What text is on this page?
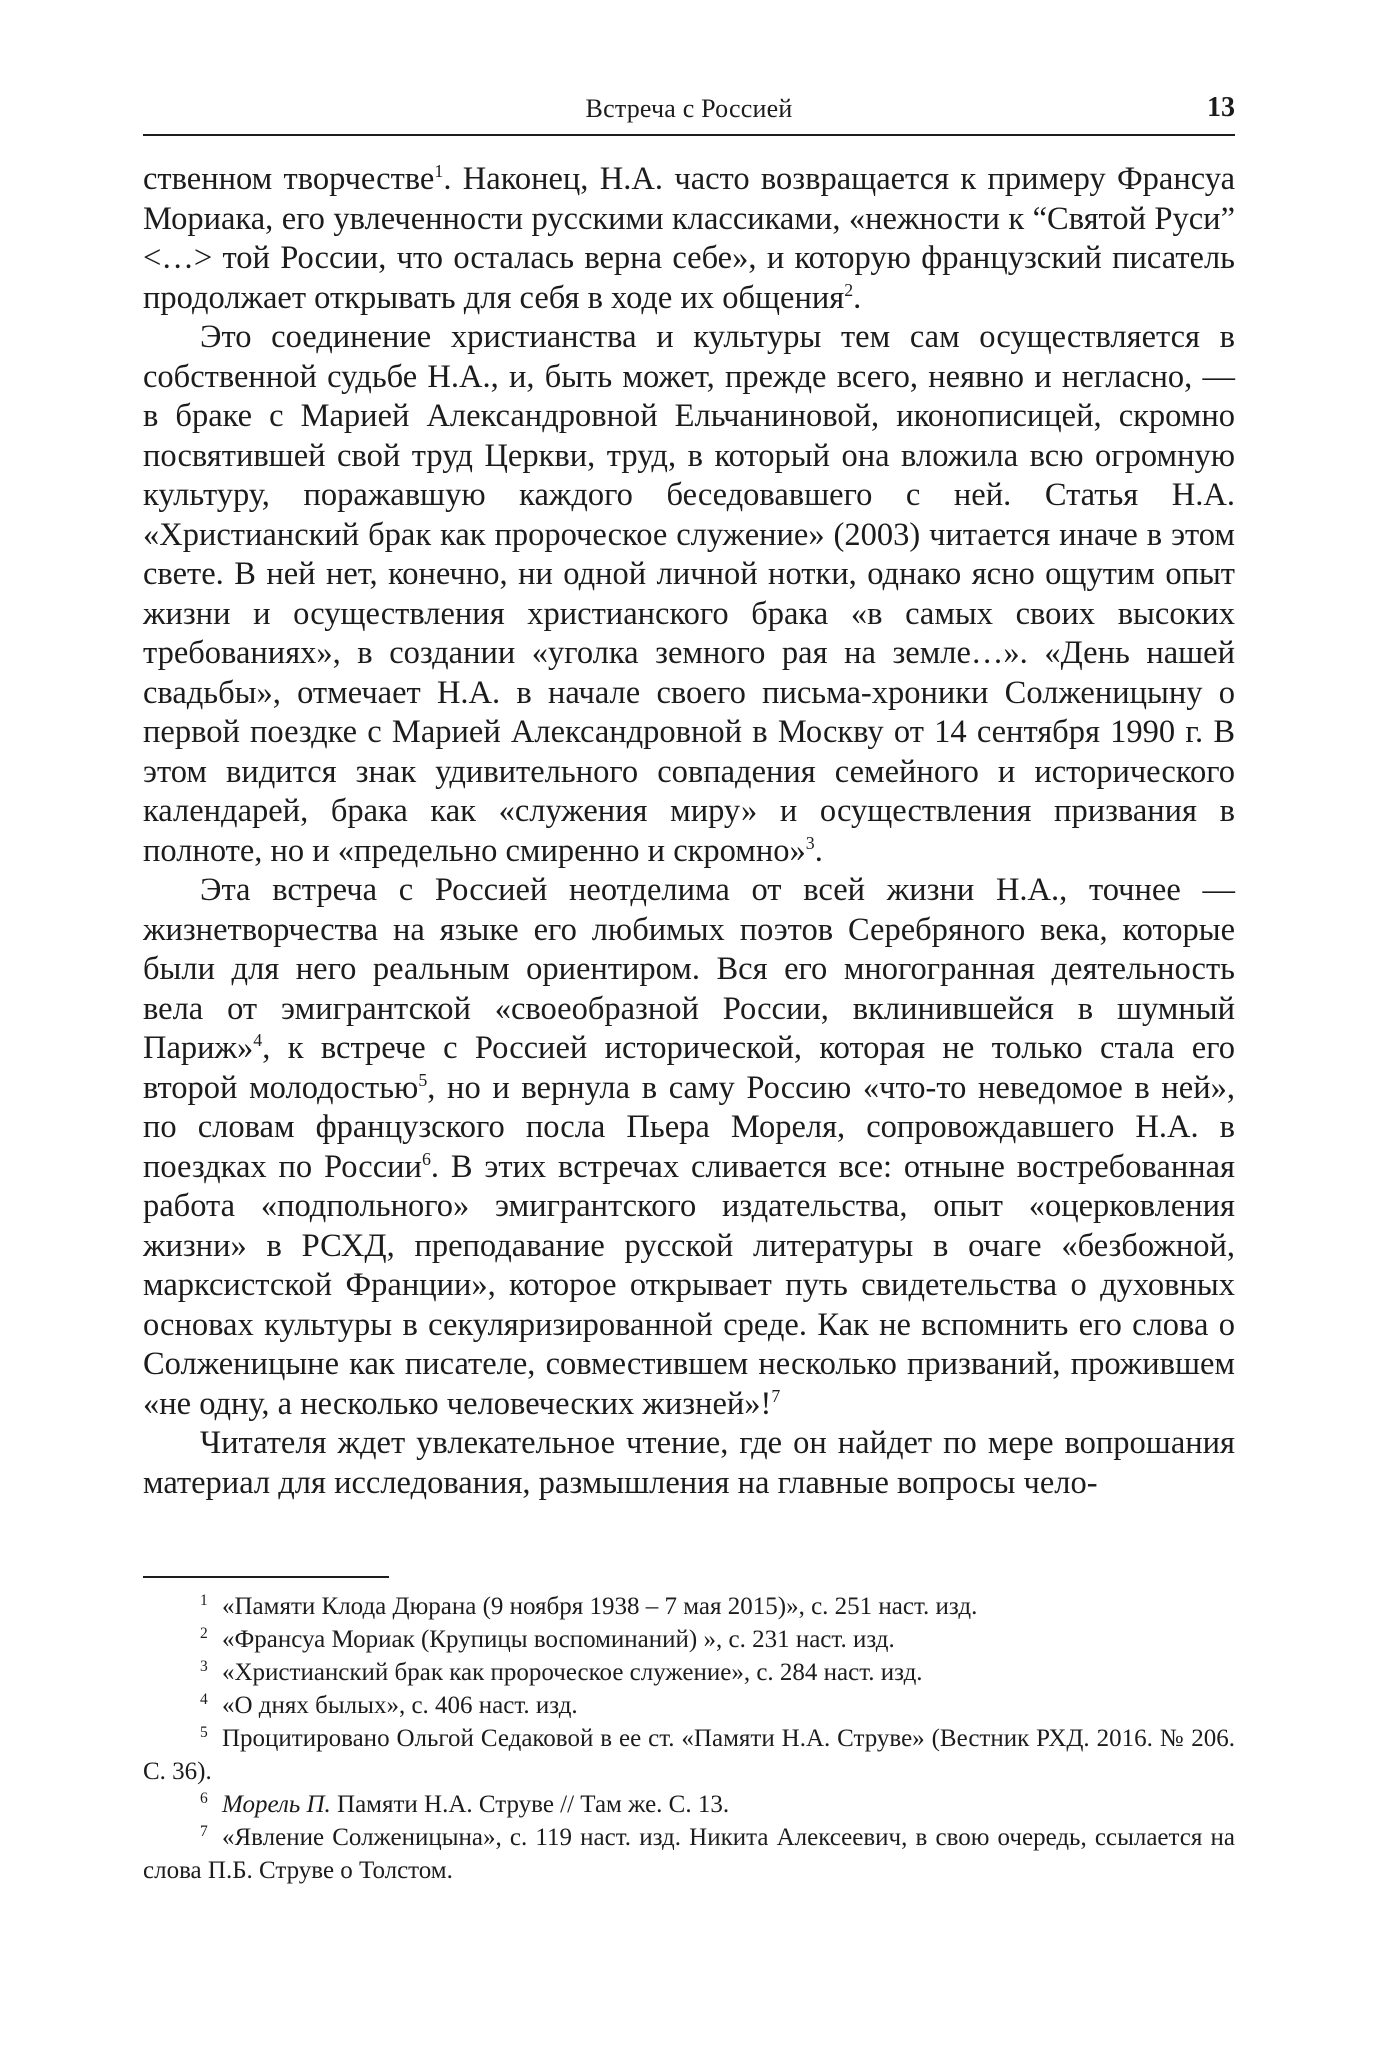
Встреча с Россией	13

ственном творчестве$^1$. Наконец, Н.А. часто возвращается к примеру Франсуа Мориака, его увлеченности русскими классиками, «нежности к “Святой Руси” <…> той России, что осталась верна себе», и которую французский писатель продолжает открывать для себя в ходе их общения$^2$.

Это соединение христианства и культуры тем сам осуществляется в собственной судьбе Н.А., и, быть может, прежде всего, неявно и негласно, — в браке с Марией Александровной Ельчаниновой, иконописицей, скромно посвятившей свой труд Церкви, труд, в который она вложила всю огромную культуру, поражавшую каждого беседовавшего с ней. Статья Н.А. «Христианский брак как пророческое служение» (2003) читается иначе в этом свете. В ней нет, конечно, ни одной личной нотки, однако ясно ощутим опыт жизни и осуществления христианского брака «в самых своих высоких требованиях», в создании «уголка земного рая на земле…». «День нашей свадьбы», отмечает Н.А. в начале своего письма-хроники Солженицыну о первой поездке с Марией Александровной в Москву от 14 сентября 1990 г. В этом видится знак удивительного совпадения семейного и исторического календарей, брака как «служения миру» и осуществления призвания в полноте, но и «предельно смиренно и скромно»$^3$.

Эта встреча с Россией неотделима от всей жизни Н.А., точнее — жизнетворчества на языке его любимых поэтов Серебряного века, которые были для него реальным ориентиром. Вся его многогранная деятельность вела от эмигрантской «своеобразной России, вклинившейся в шумный Париж»$^4$, к встрече с Россией исторической, которая не только стала его второй молодостью$^5$, но и вернула в саму Россию «что-то неведомое в ней», по словам французского посла Пьера Мореля, сопровождавшего Н.А. в поездках по России$^6$. В этих встречах сливается все: отныне востребованная работа «подпольного» эмигрантского издательства, опыт «оцерковления жизни» в РСХД, преподавание русской литературы в очаге «безбожной, марксистской Франции», которое открывает путь свидетельства о духовных основах культуры в секуляризированной среде. Как не вспомнить его слова о Солженицыне как писателе, совместившем несколько призваний, прожившем «не одну, а несколько человеческих жизней»!$^7$

Читателя ждет увлекательное чтение, где он найдет по мере вопрошания материал для исследования, размышления на главные вопросы чело-

1 «Памяти Клода Дюрана (9 ноября 1938 – 7 мая 2015)», с. 251 наст. изд.

2 «Франсуа Мориак (Крупицы воспоминаний) », с. 231 наст. изд.

3 «Христианский брак как пророческое служение», с. 284 наст. изд.

4 «О днях былых», с. 406 наст. изд.

5 Процитировано Ольгой Седаковой в ее ст. «Памяти Н.А. Струве» (Вестник РХД. 2016. № 206. С. 36).

6 Морель П. Памяти Н.А. Струве // Там же. С. 13.

7 «Явление Солженицына», с. 119 наст. изд. Никита Алексеевич, в свою очередь, ссылается на слова П.Б. Струве о Толстом.
